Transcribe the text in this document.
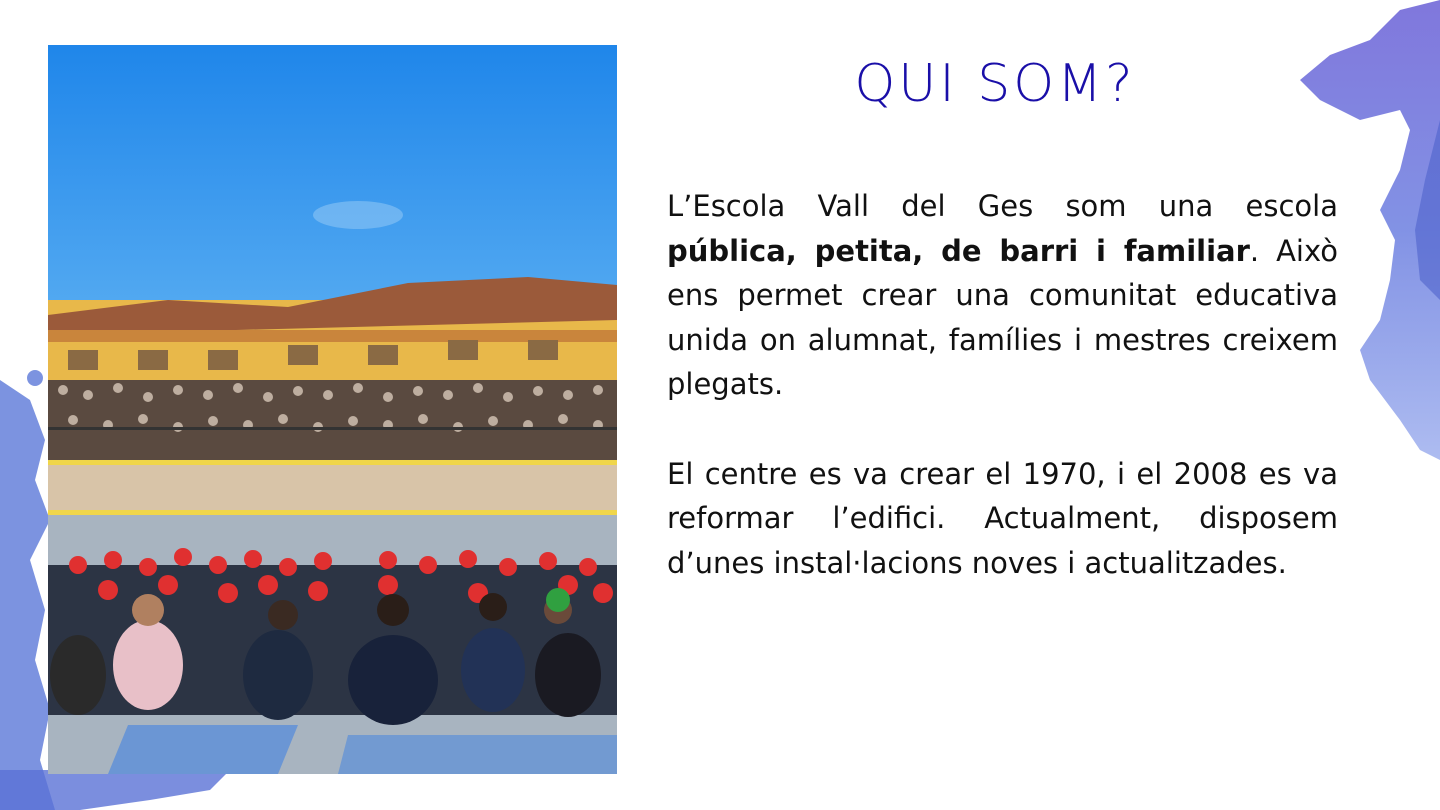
QUI SOM?

L’Escola Vall del Ges som una escola pública, petita, de barri i familiar. Això ens permet crear una comunitat educativa unida on alumnat, famílies i mestres creixem plegats.

El centre es va crear el 1970, i el 2008 es va reformar l’edifici. Actualment, disposem d’unes instal·lacions noves i actualitzades.
